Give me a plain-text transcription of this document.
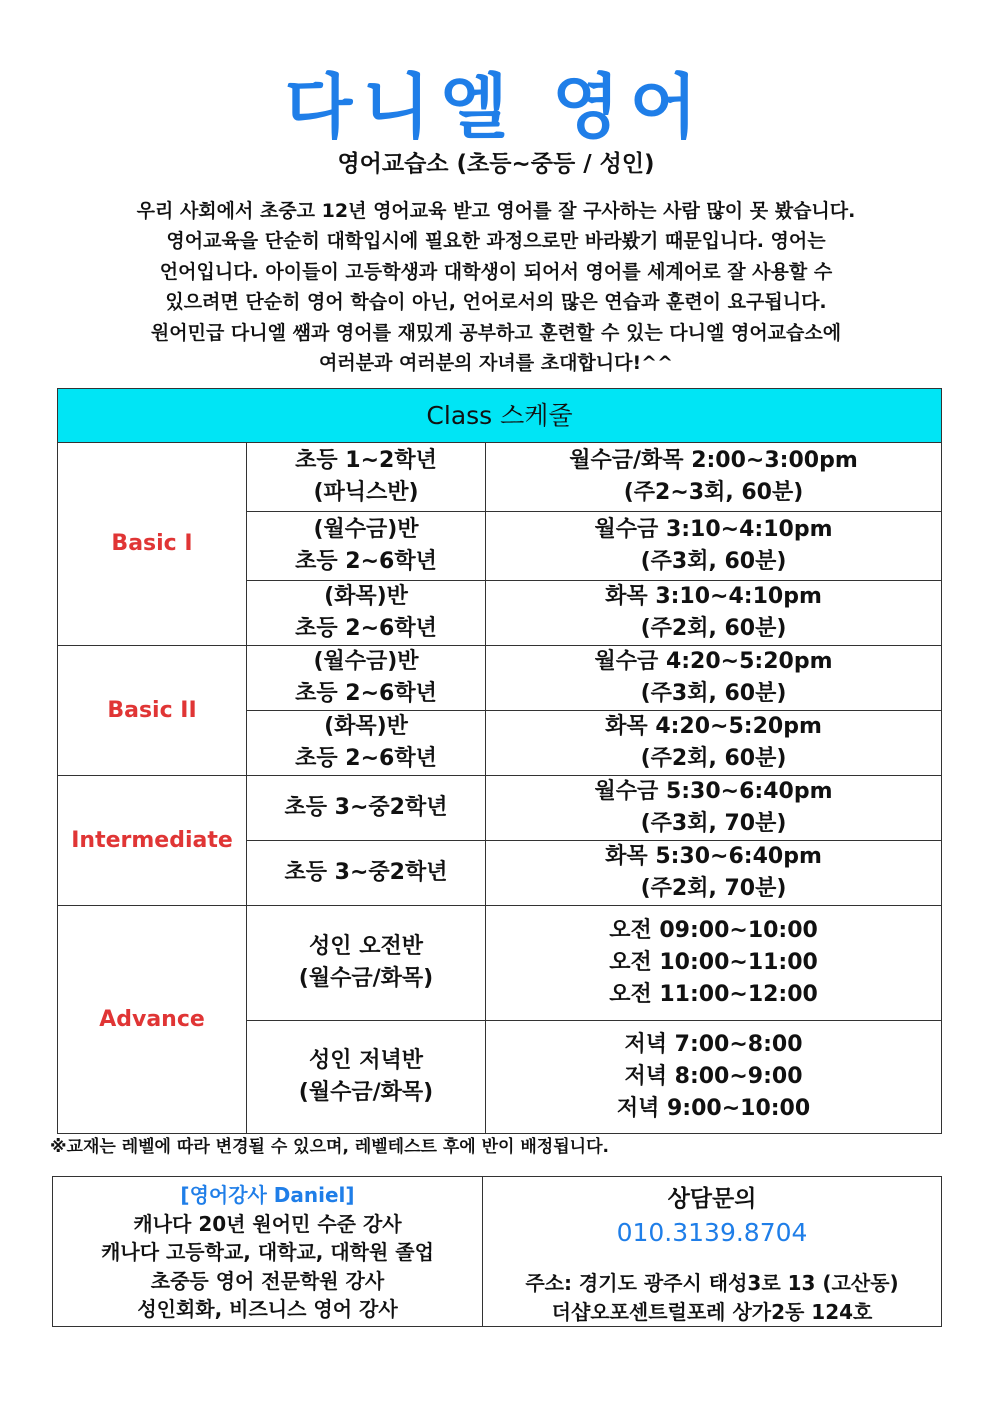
다니엘 영어
영어교습소 (초등~중등 / 성인)
우리 사회에서 초중고 12년 영어교육 받고 영어를 잘 구사하는 사람 많이 못 봤습니다.
영어교육을 단순히 대학입시에 필요한 과정으로만 바라봤기 때문입니다. 영어는
언어입니다. 아이들이 고등학생과 대학생이 되어서 영어를 세계어로 잘 사용할 수
있으려면 단순히 영어 학습이 아닌, 언어로서의 많은 연습과 훈련이 요구됩니다.
원어민급 다니엘 쌤과 영어를 재밌게 공부하고 훈련할 수 있는 다니엘 영어교습소에
여러분과 여러분의 자녀를 초대합니다!^^
Class 스케줄		
Basic I	초등 1~2학년
(파닉스반)	월수금/화목 2:00~3:00pm
(주2~3회, 60분)

	(월수금)반
초등 2~6학년	월수금 3:10~4:10pm
(주3회, 60분)

	(화목)반
초등 2~6학년	화목 3:10~4:10pm
(주2회, 60분)

Basic II	(월수금)반
초등 2~6학년	월수금 4:20~5:20pm
(주3회, 60분)

	(화목)반
초등 2~6학년	화목 4:20~5:20pm
(주2회, 60분)

Intermediate	초등 3~중2학년	월수금 5:30~6:40pm
(주3회, 70분)

	초등 3~중2학년	화목 5:30~6:40pm
(주2회, 70분)

Advance	성인 오전반
(월수금/화목)	오전 09:00~10:00
오전 10:00~11:00
오전 11:00~12:00

	성인 저녁반
(월수금/화목)	저녁 7:00~8:00
저녁 8:00~9:00
저녁 9:00~10:00
※교재는 레벨에 따라 변경될 수 있으며, 레벨테스트 후에 반이 배정됩니다.
[영어강사 Daniel]
캐나다 20년 원어민 수준 강사
캐나다 고등학교, 대학교, 대학원 졸업
초중등 영어 전문학원 강사
성인회화, 비즈니스 영어 강사

상담문의
010.3139.8704
주소: 경기도 광주시 태성3로 13 (고산동)
더샵오포센트럴포레 상가2동 124호
